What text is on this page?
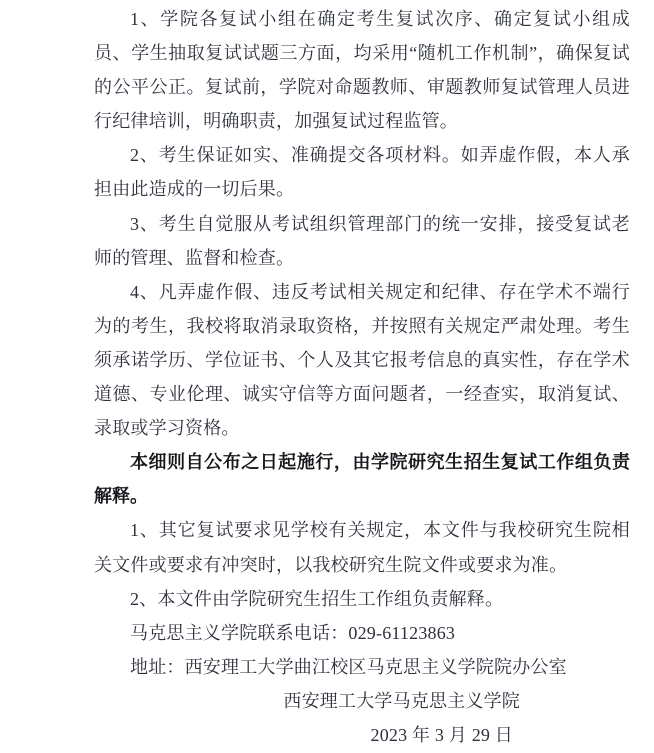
1、学院各复试小组在确定考生复试次序、确定复试小组成员、学生抽取复试试题三方面，均采用“随机工作机制”，确保复试的公平公正。复试前，学院对命题教师、审题教师复试管理人员进行纪律培训，明确职责，加强复试过程监管。

2、考生保证如实、准确提交各项材料。如弄虚作假，本人承担由此造成的一切后果。

3、考生自觉服从考试组织管理部门的统一安排，接受复试老师的管理、监督和检查。

4、凡弄虚作假、违反考试相关规定和纪律、存在学术不端行为的考生，我校将取消录取资格，并按照有关规定严肃处理。考生须承诺学历、学位证书、个人及其它报考信息的真实性，存在学术道德、专业伦理、诚实守信等方面问题者，一经查实，取消复试、录取或学习资格。

本细则自公布之日起施行，由学院研究生招生复试工作组负责解释。

1、其它复试要求见学校有关规定，本文件与我校研究生院相关文件或要求有冲突时，以我校研究生院文件或要求为准。

2、本文件由学院研究生招生工作组负责解释。

马克思主义学院联系电话：029-61123863

地址：西安理工大学曲江校区马克思主义学院院办公室

西安理工大学马克思主义学院

2023 年 3 月 29 日
